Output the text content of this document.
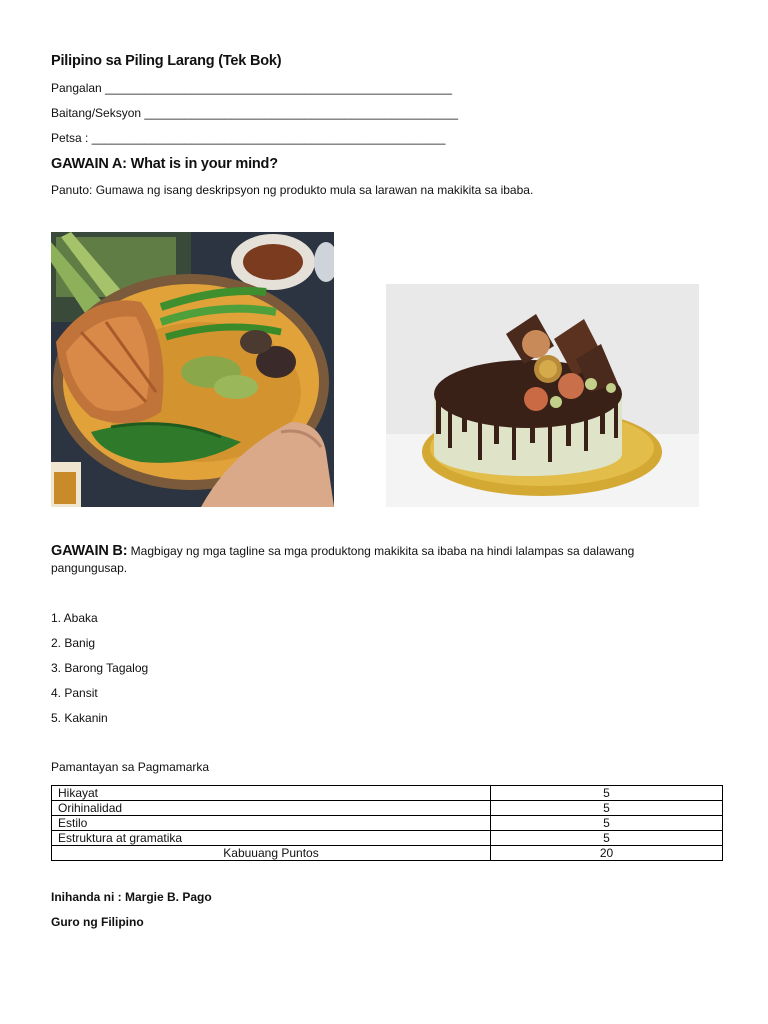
Pilipino sa Piling Larang (Tek Bok)
Pangalan ____________________________________________________
Baitang/Seksyon _______________________________________________
Petsa : _____________________________________________________
GAWAIN A: What is in your mind?
Panuto: Gumawa ng isang deskripsyon ng produkto mula sa larawan na makikita sa ibaba.
GAWAIN B: Magbigay ng mga tagline sa mga produktong makikita sa ibaba na hindi lalampas sa dalawang pangungusap.
1. Abaka
2. Banig
3. Barong Tagalog
4. Pansit
5. Kakanin
Pamantayan sa Pagmamarka
Hikayat	5
Orihinalidad	5
Estilo	5
Estruktura at gramatika	5
Kabuuang Puntos	20
Inihanda ni : Margie B. Pago
Guro ng Filipino
